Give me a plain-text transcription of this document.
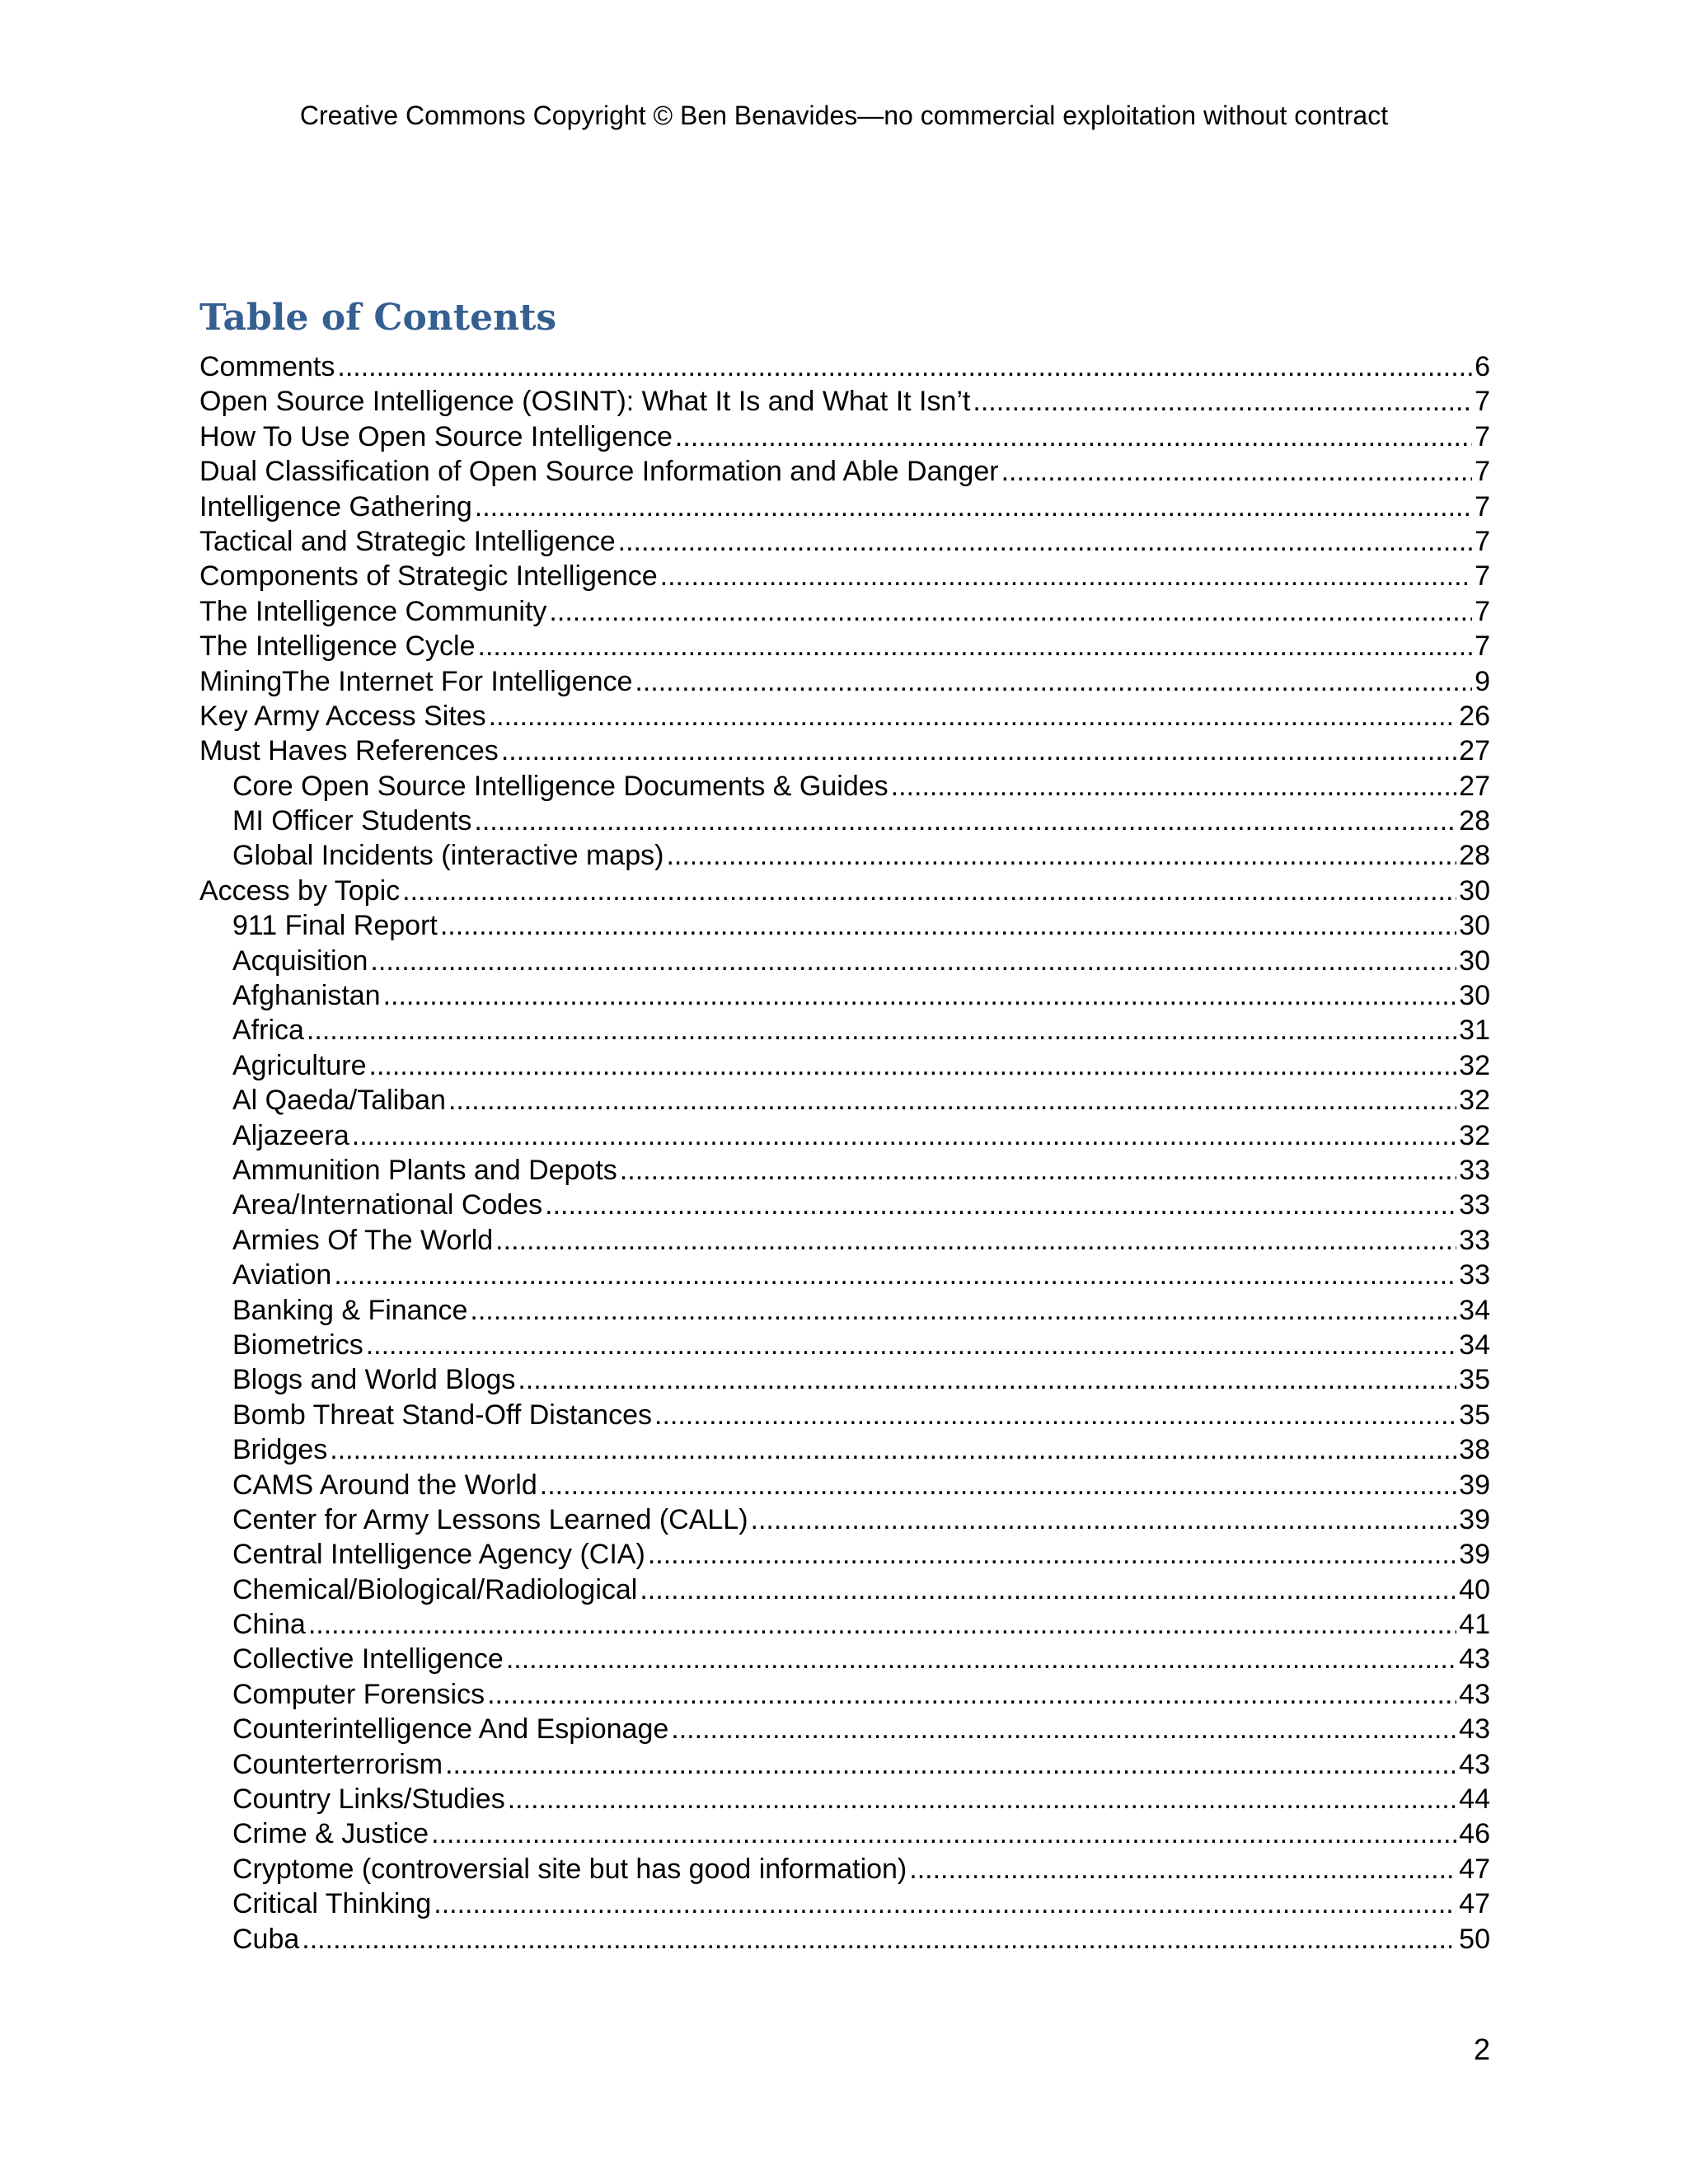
Creative Commons Copyright © Ben Benavides—no commercial exploitation without contract
Table of Contents
Comments .....	6
Open Source Intelligence (OSINT): What It Is and What It Isn’t .....	7
How To Use Open Source Intelligence .....	7
Dual Classification of Open Source Information and Able Danger .....	7
Intelligence Gathering .....	7
Tactical and Strategic Intelligence .....	7
Components of Strategic Intelligence .....	7
The Intelligence Community .....	7
The Intelligence Cycle .....	7
MiningThe Internet For Intelligence .....	9
Key Army Access Sites .....	26
Must Haves References .....	27
Core Open Source Intelligence Documents & Guides .....	27
MI Officer Students .....	28
Global Incidents (interactive maps) .....	28
Access by Topic .....	30
911 Final Report .....	30
Acquisition .....	30
Afghanistan .....	30
Africa .....	31
Agriculture .....	32
Al Qaeda/Taliban .....	32
Aljazeera .....	32
Ammunition Plants and Depots .....	33
Area/International Codes .....	33
Armies Of The World .....	33
Aviation .....	33
Banking & Finance .....	34
Biometrics .....	34
Blogs and World Blogs .....	35
Bomb Threat Stand-Off Distances .....	35
Bridges .....	38
CAMS Around the World .....	39
Center for Army Lessons Learned (CALL) .....	39
Central Intelligence Agency (CIA) .....	39
Chemical/Biological/Radiological .....	40
China .....	41
Collective Intelligence .....	43
Computer Forensics .....	43
Counterintelligence And Espionage .....	43
Counterterrorism .....	43
Country Links/Studies .....	44
Crime & Justice .....	46
Cryptome (controversial site but has good information) .....	47
Critical Thinking .....	47
Cuba .....	50
2
